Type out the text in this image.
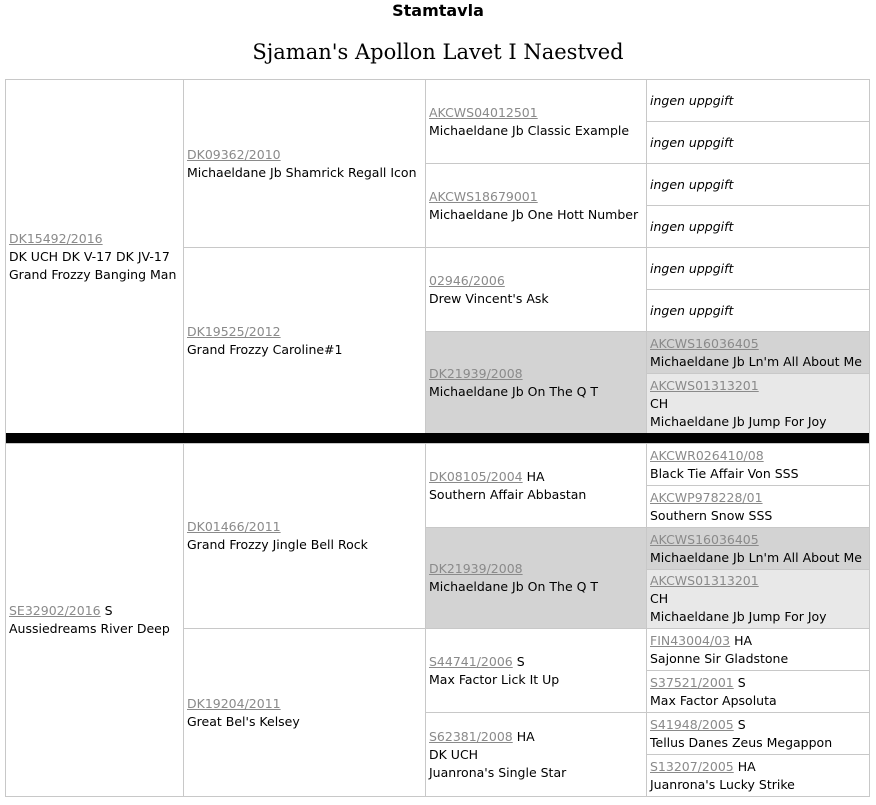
Stamtavla
Sjaman's Apollon Lavet I Naestved
DK15492/2016
DK UCH DK V-17 DK JV-17
Grand Frozzy Banging Man
DK09362/2010
Michaeldane Jb Shamrick Regall Icon
DK19525/2012
Grand Frozzy Caroline#1
AKCWS04012501
Michaeldane Jb Classic Example
AKCWS18679001
Michaeldane Jb One Hott Number
02946/2006
Drew Vincent's Ask
DK21939/2008
Michaeldane Jb On The Q T
ingen uppgift
ingen uppgift
ingen uppgift
ingen uppgift
ingen uppgift
ingen uppgift
AKCWS16036405
Michaeldane Jb Ln'm All About Me
AKCWS01313201
CH
Michaeldane Jb Jump For Joy
SE32902/2016 S
Aussiedreams River Deep
DK01466/2011
Grand Frozzy Jingle Bell Rock
DK19204/2011
Great Bel's Kelsey
DK08105/2004 HA
Southern Affair Abbastan
DK21939/2008
Michaeldane Jb On The Q T
S44741/2006 S
Max Factor Lick It Up
S62381/2008 HA
DK UCH
Juanrona's Single Star
AKCWR026410/08
Black Tie Affair Von SSS
AKCWP978228/01
Southern Snow SSS
AKCWS16036405
Michaeldane Jb Ln'm All About Me
AKCWS01313201
CH
Michaeldane Jb Jump For Joy
FIN43004/03 HA
Sajonne Sir Gladstone
S37521/2001 S
Max Factor Apsoluta
S41948/2005 S
Tellus Danes Zeus Megappon
S13207/2005 HA
Juanrona's Lucky Strike
